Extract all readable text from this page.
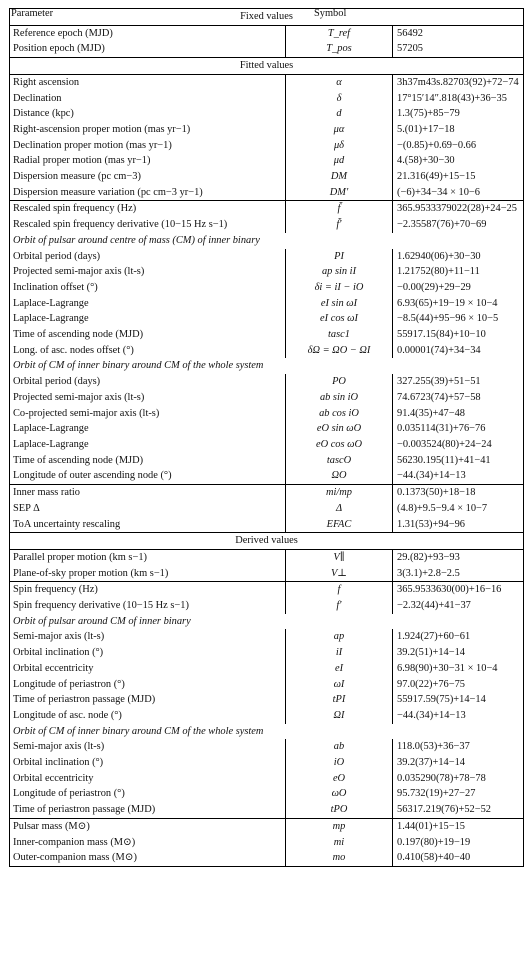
Parameter	Symbol
Fixed values		
Reference epoch (MJD)	T_ref	56492
Position epoch (MJD)	T_pos	57205
Fitted values		
Right ascension	α	3h37m43s.82703(92)+72−74
Declination	δ	17°15′14″.818(43)+36−35
Distance (kpc)	d	1.3(75)+85−79
Right-ascension proper motion (mas yr−1)	μα	5.(01)+17−18
Declination proper motion (mas yr−1)	μδ	−(0.85)+0.69−0.66
Radial proper motion (mas yr−1)	μd	4.(58)+30−30
Dispersion measure (pc cm−3)	DM	21.316(49)+15−15
Dispersion measure variation (pc cm−3 yr−1)	DM′	(−6)+34−34 × 10−6
Rescaled spin frequency (Hz)	f̃	365.9533379022(28)+24−25
Rescaled spin frequency derivative (10−15 Hz s−1)	f̃′	−2.35587(76)+70−69
Orbit of pulsar around centre of mass (CM) of inner binary		
Orbital period (days)	PI	1.62940(06)+30−30
Projected semi-major axis (lt-s)	ap sin iI	1.21752(80)+11−11
Inclination offset (°)	δi = iI − iO	−0.00(29)+29−29
Laplace-Lagrange	eI sin ωI	6.93(65)+19−19 × 10−4
Laplace-Lagrange	eI cos ωI	−8.5(44)+95−96 × 10−5
Time of ascending node (MJD)	tasc1	55917.15(84)+10−10
Long. of asc. nodes offset (°)	δΩ = ΩO − ΩI	0.00001(74)+34−34
Orbit of CM of inner binary around CM of the whole system		
Orbital period (days)	PO	327.255(39)+51−51
Projected semi-major axis (lt-s)	ab sin iO	74.6723(74)+57−58
Co-projected semi-major axis (lt-s)	ab cos iO	91.4(35)+47−48
Laplace-Lagrange	eO sin ωO	0.035114(31)+76−76
Laplace-Lagrange	eO cos ωO	−0.003524(80)+24−24
Time of ascending node (MJD)	tascO	56230.195(11)+41−41
Longitude of outer ascending node (°)	ΩO	−44.(34)+14−13
Inner mass ratio	mi/mp	0.1373(50)+18−18
SEP Δ	Δ	(4.8)+9.5−9.4 × 10−7
ToA uncertainty rescaling	EFAC	1.31(53)+94−96
Derived values		
Parallel proper motion (km s−1)	V∥	29.(82)+93−93
Plane-of-sky proper motion (km s−1)	V⊥	3(3.1)+2.8−2.5
Spin frequency (Hz)	f	365.9533630(00)+16−16
Spin frequency derivative (10−15 Hz s−1)	f′	−2.32(44)+41−37
Orbit of pulsar around CM of inner binary		
Semi-major axis (lt-s)	ap	1.924(27)+60−61
Orbital inclination (°)	iI	39.2(51)+14−14
Orbital eccentricity	eI	6.98(90)+30−31 × 10−4
Longitude of periastron (°)	ωI	97.0(22)+76−75
Time of periastron passage (MJD)	tPI	55917.59(75)+14−14
Longitude of asc. node (°)	ΩI	−44.(34)+14−13
Orbit of CM of inner binary around CM of the whole system		
Semi-major axis (lt-s)	ab	118.0(53)+36−37
Orbital inclination (°)	iO	39.2(37)+14−14
Orbital eccentricity	eO	0.035290(78)+78−78
Longitude of periastron (°)	ωO	95.732(19)+27−27
Time of periastron passage (MJD)	tPO	56317.219(76)+52−52
Pulsar mass (M⊙)	mp	1.44(01)+15−15
Inner-companion mass (M⊙)	mi	0.197(80)+19−19
Outer-companion mass (M⊙)	mo	0.410(58)+40−40
